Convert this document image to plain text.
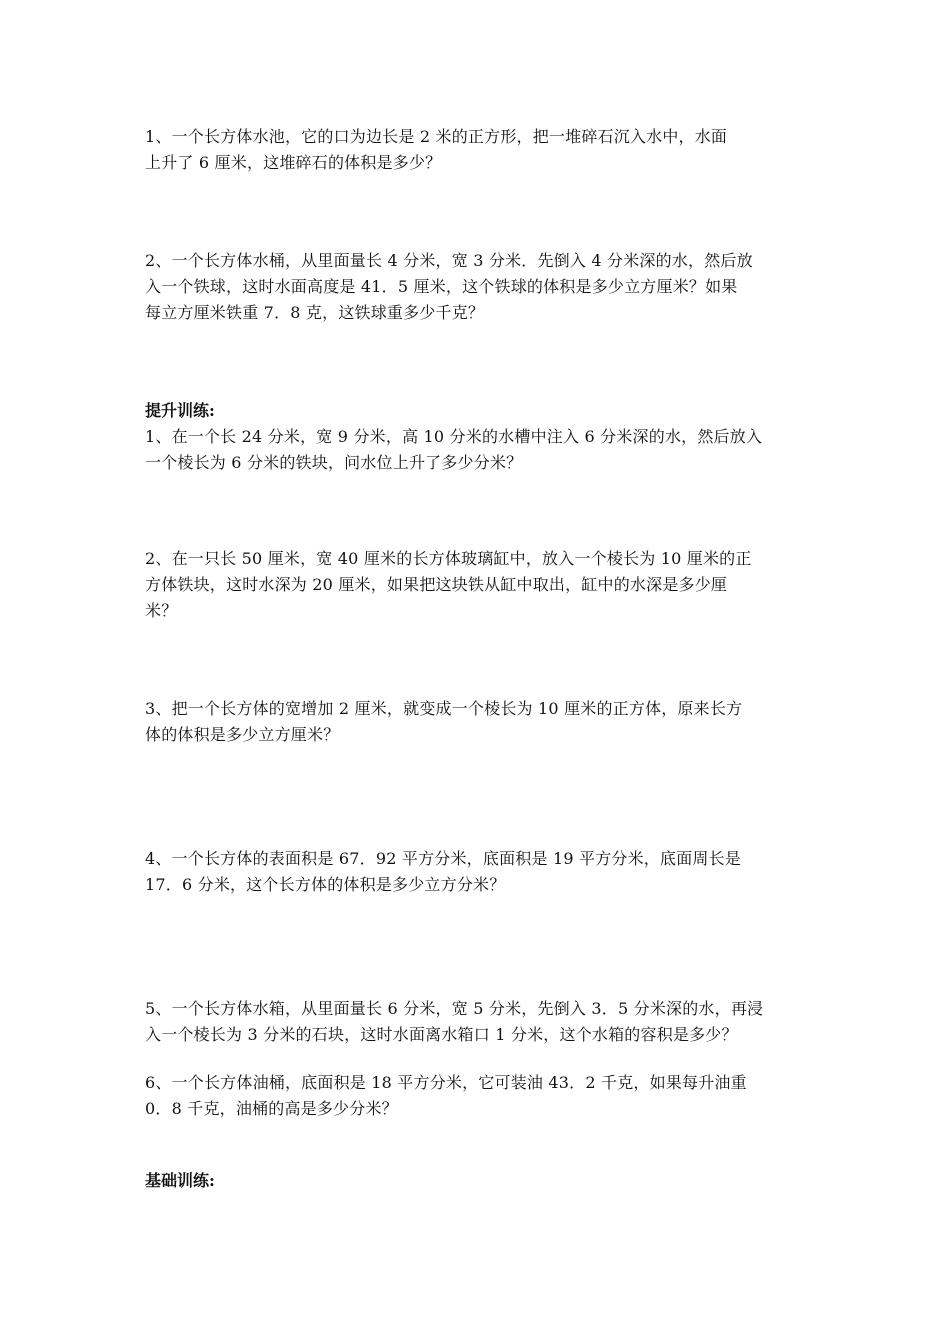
1、一个长方体水池，它的口为边长是 2 米的正方形，把一堆碎石沉入水中，水面
上升了 6 厘米，这堆碎石的体积是多少？

2、一个长方体水桶，从里面量长 4 分米，宽 3 分米．先倒入 4 分米深的水，然后放
入一个铁球，这时水面高度是 41．5 厘米，这个铁球的体积是多少立方厘米？如果
每立方厘米铁重 7．8 克，这铁球重多少千克？

提升训练:

1、在一个长 24 分米，宽 9 分米，高 10 分米的水槽中注入 6 分米深的水，然后放入
一个棱长为 6 分米的铁块，问水位上升了多少分米？

2、在一只长 50 厘米，宽 40 厘米的长方体玻璃缸中，放入一个棱长为 10 厘米的正
方体铁块，这时水深为 20 厘米，如果把这块铁从缸中取出，缸中的水深是多少厘
米？

3、把一个长方体的宽增加 2 厘米，就变成一个棱长为 10 厘米的正方体，原来长方
体的体积是多少立方厘米？

4、一个长方体的表面积是 67．92 平方分米，底面积是 19 平方分米，底面周长是
17．6 分米，这个长方体的体积是多少立方分米？

5、一个长方体水箱，从里面量长 6 分米，宽 5 分米，先倒入 3．5 分米深的水，再浸
入一个棱长为 3 分米的石块，这时水面离水箱口 1 分米，这个水箱的容积是多少？

6、一个长方体油桶，底面积是 18 平方分米，它可装油 43．2 千克，如果每升油重
0．8 千克，油桶的高是多少分米？

基础训练:
